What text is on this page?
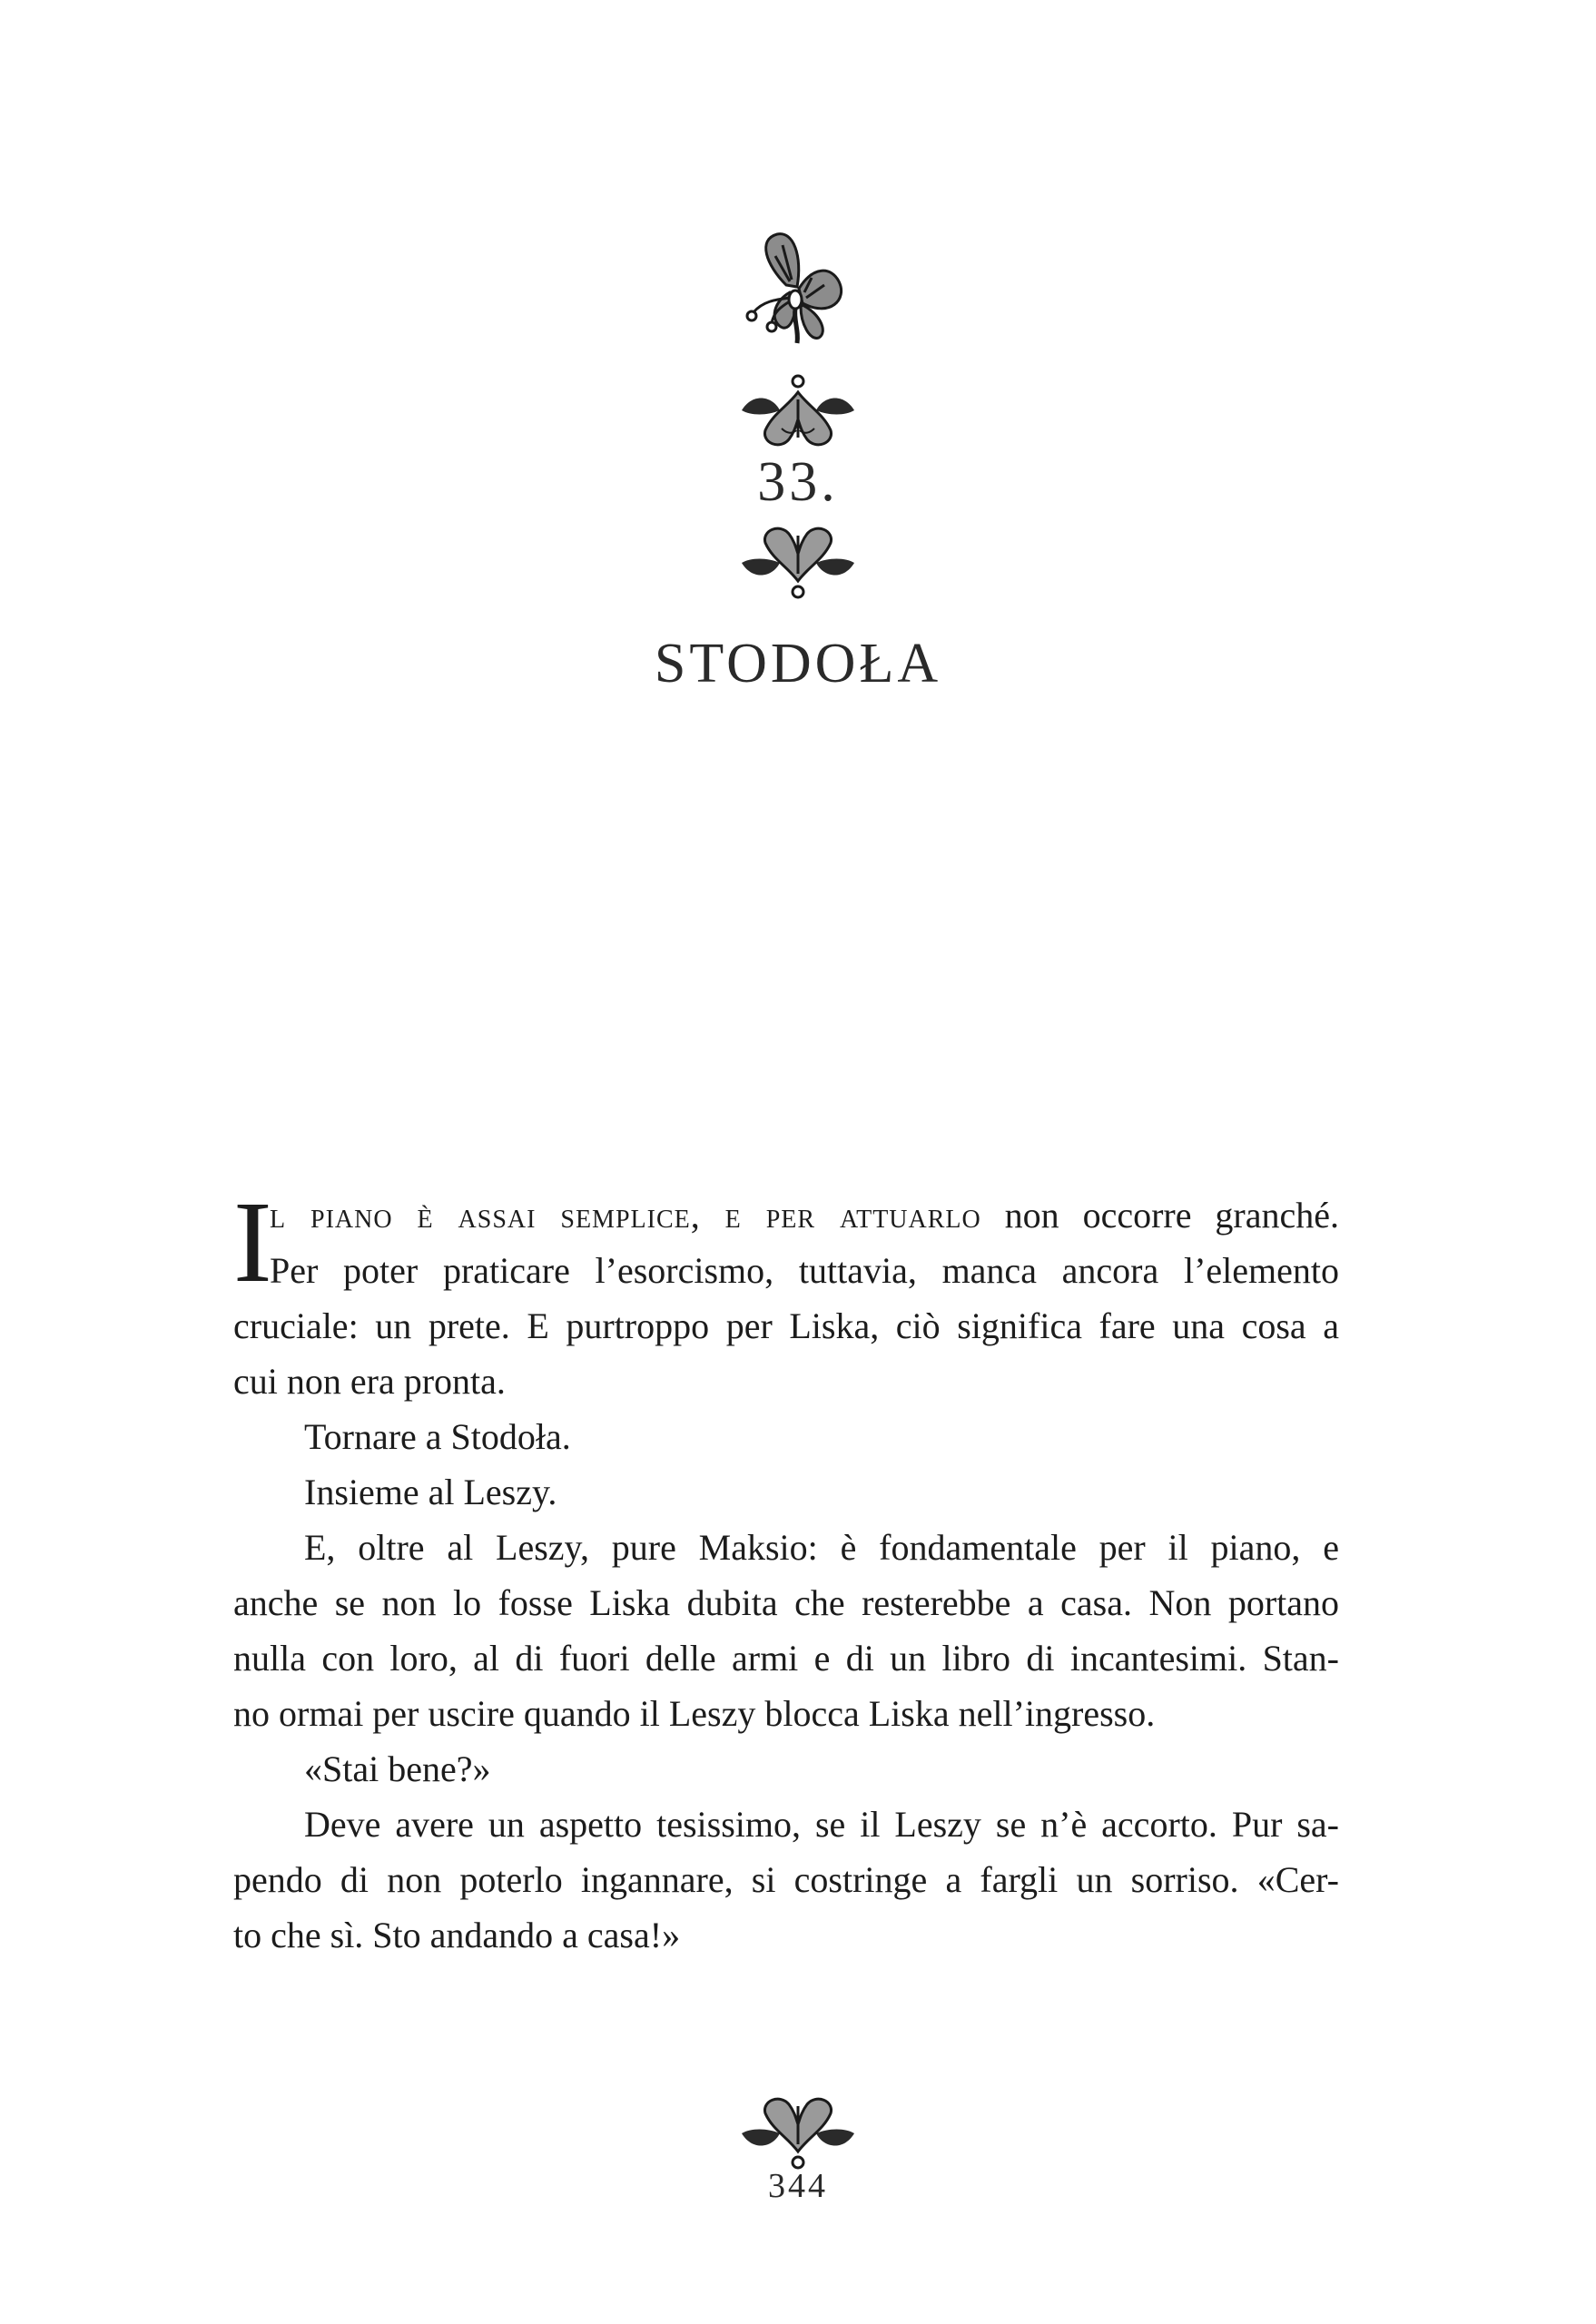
33.
STODOŁA
I
l piano è assai semplice, e per attuarlo non occorre granché.
Per poter praticare l’esorcismo, tuttavia, manca ancora l’elemento
cruciale: un prete. E purtroppo per Liska, ciò significa fare una cosa a
cui non era pronta.
Tornare a Stodoła.
Insieme al Leszy.
E, oltre al Leszy, pure Maksio: è fondamentale per il piano, e
anche se non lo fosse Liska dubita che resterebbe a casa. Non portano
nulla con loro, al di fuori delle armi e di un libro di incantesimi. Stan-
no ormai per uscire quando il Leszy blocca Liska nell’ingresso.
«Stai bene?»
Deve avere un aspetto tesissimo, se il Leszy se n’è accorto. Pur sa-
pendo di non poterlo ingannare, si costringe a fargli un sorriso. «Cer-
to che sì. Sto andando a casa!»
344
